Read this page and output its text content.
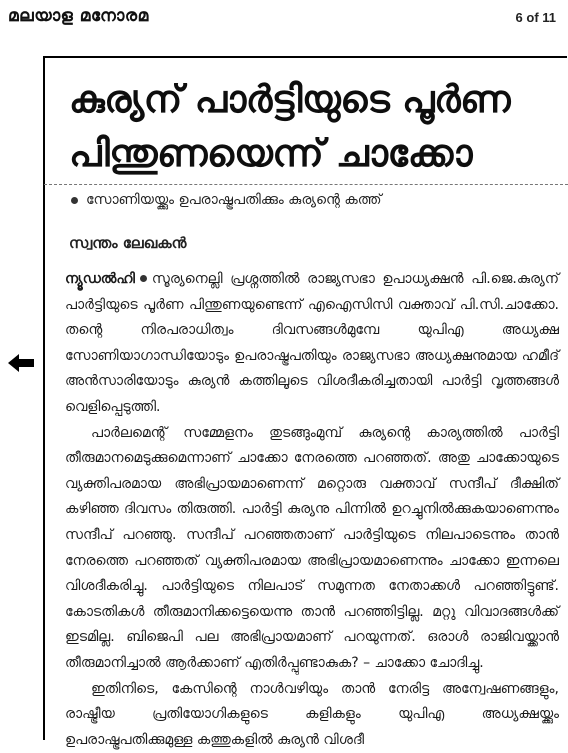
മലയാള മനോരമ	6 of 11
കുര്യന് പാർട്ടിയുടെ പൂർണ പിന്തുണയെന്ന് ചാക്കോ
സോണിയയ്ക്കും ഉപരാഷ്ട്രപതിക്കും കുര്യന്റെ കത്ത്
സ്വന്തം ലേഖകൻ

ന്യൂഡൽഹി സൂര്യനെല്ലി പ്രശ്നത്തിൽ രാജ്യസഭാ ഉപാധ്യക്ഷൻ പി.ജെ.കുര്യന് പാർട്ടിയുടെ പൂർണ പിന്തുണയുണ്ടെന്ന് എഐസിസി വക്താവ് പി.സി.ചാക്കോ. തന്റെ നിരപരാധിത്വം ദിവസങ്ങൾമുമ്പേ യുപിഎ അധ്യക്ഷ സോണിയാഗാന്ധിയോടും ഉപരാഷ്ട്രപതിയും രാജ്യസഭാ അധ്യക്ഷനുമായ ഹമീദ് അൻസാരിയോടും കുര്യൻ കത്തിലൂടെ വിശദീകരിച്ചതായി പാർട്ടി വൃത്തങ്ങൾ വെളിപ്പെടുത്തി.

പാർലമെന്റ് സമ്മേളനം തുടങ്ങുംമുമ്പ് കുര്യന്റെ കാര്യത്തിൽ പാർട്ടി തീരുമാനമെടുക്കുമെന്നാണ് ചാക്കോ നേരത്തെ പറഞ്ഞത്. അതു ചാക്കോയുടെ വ്യക്തിപരമായ അഭിപ്രായമാണെന്ന് മറ്റൊരു വക്താവ് സന്ദീപ് ദീക്ഷിത് കഴിഞ്ഞ ദിവസം തിരുത്തി. പാർട്ടി കുര്യനു പിന്നിൽ ഉറച്ചുനിൽക്കുകയാണെന്നും സന്ദീപ് പറഞ്ഞു. സന്ദീപ് പറഞ്ഞതാണ് പാർട്ടിയുടെ നിലപാടെന്നും താൻ നേരത്തെ പറഞ്ഞത് വ്യക്തിപരമായ അഭിപ്രായമാണെന്നും ചാക്കോ ഇന്നലെ വിശദീകരിച്ചു. പാർട്ടിയുടെ നിലപാട് സമുന്നത നേതാക്കൾ പറഞ്ഞിട്ടുണ്ട്. കോടതികൾ തീരുമാനിക്കട്ടെയെന്നു താൻ പറഞ്ഞിട്ടില്ല. മറ്റു വിവാദങ്ങൾക്ക് ഇടമില്ല. ബിജെപി പല അഭിപ്രായമാണ് പറയുന്നത്. ഒരാൾ രാജിവയ്ക്കാൻ തീരുമാനിച്ചാൽ ആർക്കാണ് എതിർപ്പുണ്ടാകുക? – ചാക്കോ ചോദിച്ചു.

ഇതിനിടെ, കേസിന്റെ നാൾവഴിയും താൻ നേരിട്ട അന്വേഷണങ്ങളും, രാഷ്ട്രീയ പ്രതിയോഗികളുടെ കളികളും യുപിഎ അധ്യക്ഷയ്ക്കും ഉപരാഷ്ട്രപതിക്കുമുള്ള കത്തുകളിൽ കുര്യൻ വിശദീ
